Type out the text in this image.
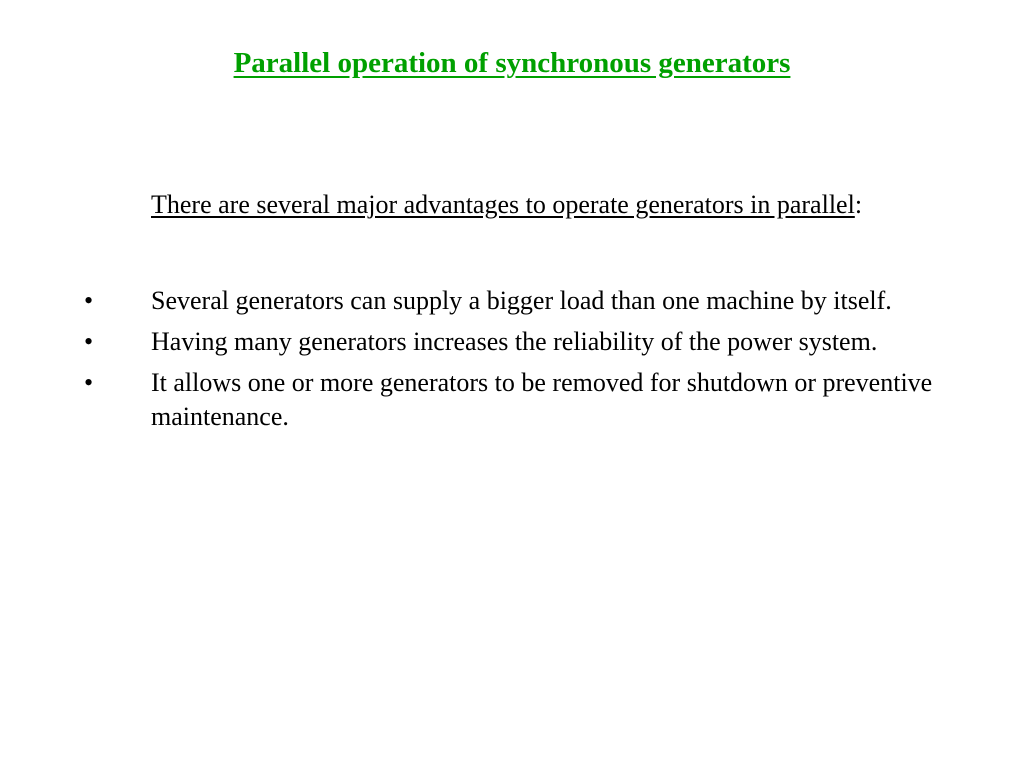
Parallel operation of synchronous generators
There are several major advantages to operate generators in parallel:
•	Several generators can supply a bigger load than one machine by itself.
•	Having many generators increases the reliability of the power system.
•	It allows one or more generators to be removed for shutdown or preventive maintenance.
